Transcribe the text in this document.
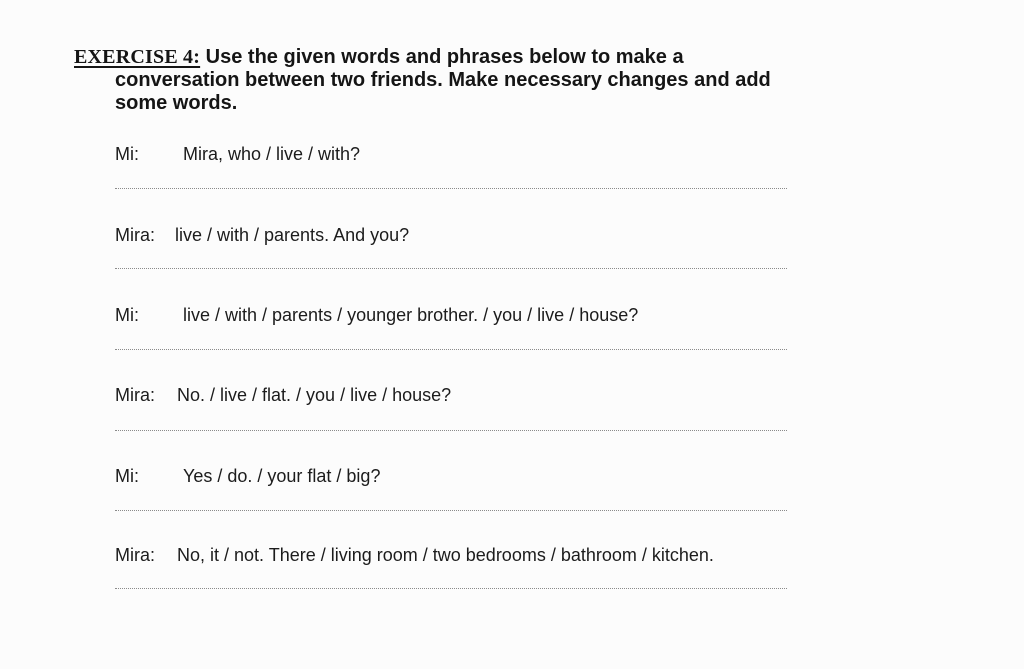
EXERCISE 4: Use the given words and phrases below to make a
conversation between two friends. Make necessary changes and add
some words.
Mi: Mira, who / live / with?
Mira: live / with / parents. And you?
Mi: live / with / parents / younger brother. / you / live / house?
Mira: No. / live / flat. / you / live / house?
Mi: Yes / do. / your flat / big?
Mira: No, it / not. There / living room / two bedrooms / bathroom / kitchen.
